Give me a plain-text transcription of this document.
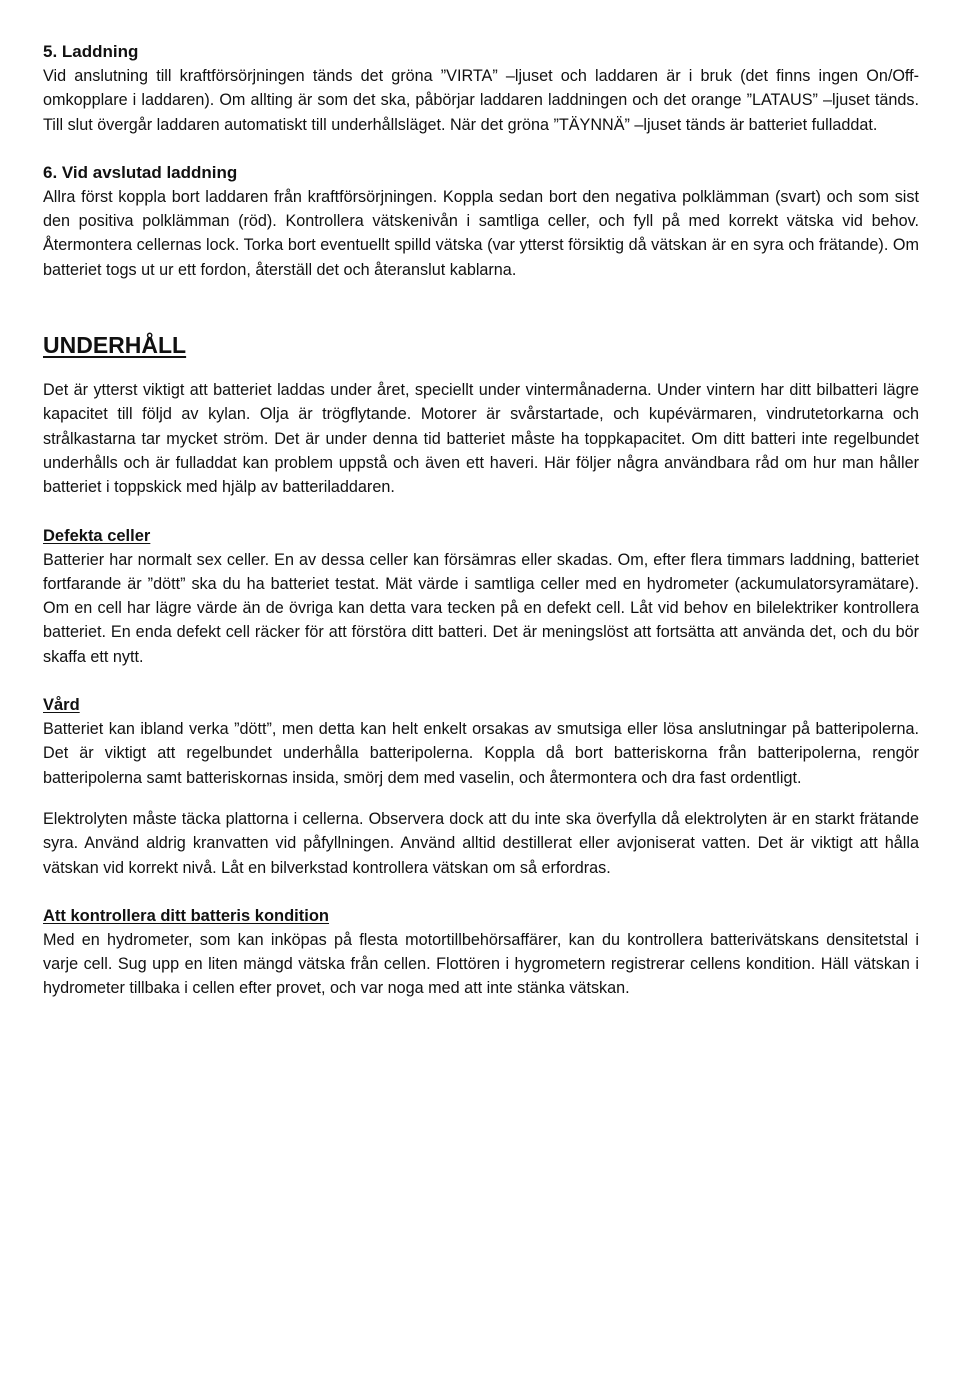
5. Laddning

Vid anslutning till kraftförsörjningen tänds det gröna ”VIRTA” –ljuset och laddaren är i bruk (det finns ingen On/Off-omkopplare i laddaren). Om allting är som det ska, påbörjar laddaren laddningen och det orange ”LATAUS” –ljuset tänds. Till slut övergår laddaren automatiskt till underhållsläget. När det gröna ”TÄYNNÄ” –ljuset tänds är batteriet fulladdat.

6. Vid avslutad laddning

Allra först koppla bort laddaren från kraftförsörjningen. Koppla sedan bort den negativa polklämman (svart) och som sist den positiva polklämman (röd). Kontrollera vätskenivån i samtliga celler, och fyll på med korrekt vätska vid behov. Återmontera cellernas lock. Torka bort eventuellt spilld vätska (var ytterst försiktig då vätskan är en syra och frätande). Om batteriet togs ut ur ett fordon, återställ det och återanslut kablarna.

UNDERHÅLL

Det är ytterst viktigt att batteriet laddas under året, speciellt under vintermånaderna. Under vintern har ditt bilbatteri lägre kapacitet till följd av kylan. Olja är trögflytande. Motorer är svårstartade, och kupévärmaren, vindrutetorkarna och strålkastarna tar mycket ström. Det är under denna tid batteriet måste ha toppkapacitet. Om ditt batteri inte regelbundet underhålls och är fulladdat kan problem uppstå och även ett haveri. Här följer några användbara råd om hur man håller batteriet i toppskick med hjälp av batteriladdaren.

Defekta celler

Batterier har normalt sex celler. En av dessa celler kan försämras eller skadas. Om, efter flera timmars laddning, batteriet fortfarande är ”dött” ska du ha batteriet testat. Mät värde i samtliga celler med en hydrometer (ackumulatorsyramätare). Om en cell har lägre värde än de övriga kan detta vara tecken på en defekt cell. Låt vid behov en bilelektriker kontrollera batteriet. En enda defekt cell räcker för att förstöra ditt batteri. Det är meningslöst att fortsätta att använda det, och du bör skaffa ett nytt.

Vård

Batteriet kan ibland verka ”dött”, men detta kan helt enkelt orsakas av smutsiga eller lösa anslutningar på batteripolerna. Det är viktigt att regelbundet underhålla batteripolerna. Koppla då bort batteriskorna från batteripolerna, rengör batteripolerna samt batteriskornas insida, smörj dem med vaselin, och återmontera och dra fast ordentligt.

Elektrolyten måste täcka plattorna i cellerna. Observera dock att du inte ska överfylla då elektrolyten är en starkt frätande syra. Använd aldrig kranvatten vid påfyllningen. Använd alltid destillerat eller avjoniserat vatten. Det är viktigt att hålla vätskan vid korrekt nivå. Låt en bilverkstad kontrollera vätskan om så erfordras.

Att kontrollera ditt batteris kondition

Med en hydrometer, som kan inköpas på flesta motortillbehörsaffärer, kan du kontrollera batterivätskans densitetstal i varje cell. Sug upp en liten mängd vätska från cellen. Flottören i hygrometern registrerar cellens kondition. Häll vätskan i hydrometer tillbaka i cellen efter provet, och var noga med att inte stänka vätskan.
